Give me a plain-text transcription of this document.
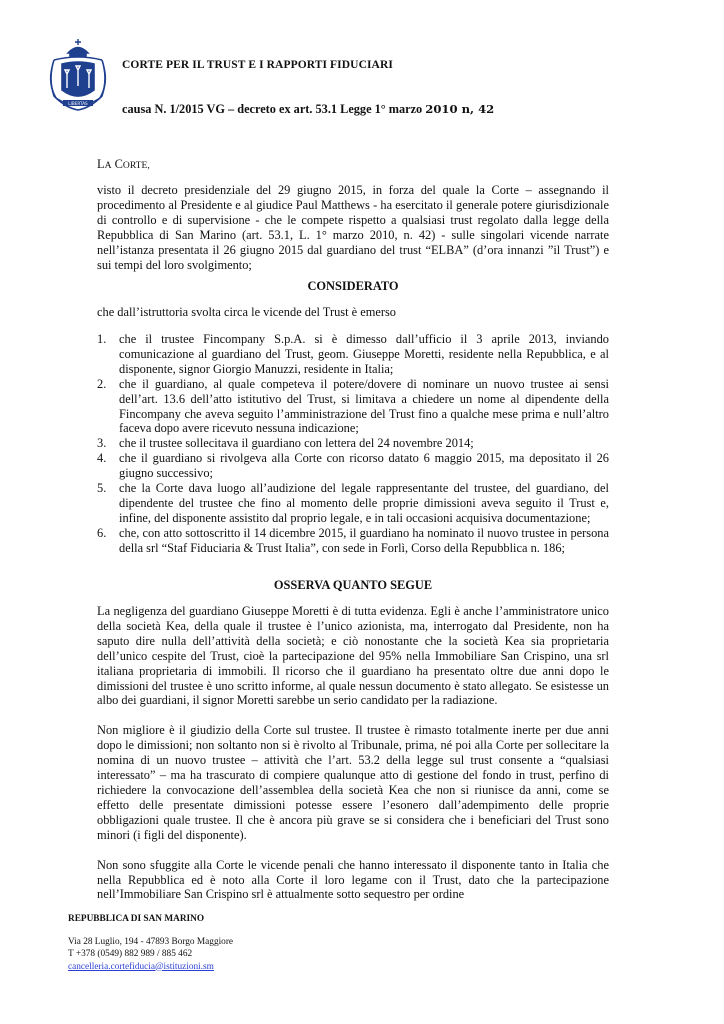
LIBERTAS
CORTE PER IL TRUST E I RAPPORTI FIDUCIARI
causa N. 1/2015 VG – decreto ex art. 53.1 Legge 1° marzo 2010 n, 42
LA CORTE,

visto il decreto presidenziale del 29 giugno 2015, in forza del quale la Corte – assegnando il procedimento al Presidente e al giudice Paul Matthews - ha esercitato il generale potere giurisdizionale di controllo e di supervisione - che le compete rispetto a qualsiasi trust regolato dalla legge della Repubblica di San Marino (art. 53.1, L. 1° marzo 2010, n. 42) - sulle singolari vicende narrate nell’istanza presentata il 26 giugno 2015 dal guardiano del trust “ELBA” (d’ora innanzi ”il Trust”) e sui tempi del loro svolgimento;

CONSIDERATO

che dall’istruttoria svolta circa le vicende del Trust è emerso

1. che il trustee Fincompany S.p.A. si è dimesso dall’ufficio il 3 aprile 2013, inviando comunicazione al guardiano del Trust, geom. Giuseppe Moretti, residente nella Repubblica, e al disponente, signor Giorgio Manuzzi, residente in Italia;
2. che il guardiano, al quale competeva il potere/dovere di nominare un nuovo trustee ai sensi dell’art. 13.6 dell’atto istitutivo del Trust, si limitava a chiedere un nome al dipendente della Fincompany che aveva seguito l’amministrazione del Trust fino a qualche mese prima e null’altro faceva dopo avere ricevuto nessuna indicazione;
3. che il trustee sollecitava il guardiano con lettera del 24 novembre 2014;
4. che il guardiano si rivolgeva alla Corte con ricorso datato 6 maggio 2015, ma depositato il 26 giugno successivo;
5. che la Corte dava luogo all’audizione del legale rappresentante del trustee, del guardiano, del dipendente del trustee che fino al momento delle proprie dimissioni aveva seguito il Trust e, infine, del disponente assistito dal proprio legale, e in tali occasioni acquisiva documentazione;
6. che, con atto sottoscritto il 14 dicembre 2015, il guardiano ha nominato il nuovo trustee in persona della srl “Staf Fiduciaria & Trust Italia”, con sede in Forlì, Corso della Repubblica n. 186;
OSSERVA QUANTO SEGUE

La negligenza del guardiano Giuseppe Moretti è di tutta evidenza. Egli è anche l’amministratore unico della società Kea, della quale il trustee è l’unico azionista, ma, interrogato dal Presidente, non ha saputo dire nulla dell’attività della società; e ciò nonostante che la società Kea sia proprietaria dell’unico cespite del Trust, cioè la partecipazione del 95% nella Immobiliare San Crispino, una srl italiana proprietaria di immobili. Il ricorso che il guardiano ha presentato oltre due anni dopo le dimissioni del trustee è uno scritto informe, al quale nessun documento è stato allegato. Se esistesse un albo dei guardiani, il signor Moretti sarebbe un serio candidato per la radiazione.

Non migliore è il giudizio della Corte sul trustee. Il trustee è rimasto totalmente inerte per due anni dopo le dimissioni; non soltanto non si è rivolto al Tribunale, prima, né poi alla Corte per sollecitare la nomina di un nuovo trustee – attività che l’art. 53.2 della legge sul trust consente a “qualsiasi interessato” – ma ha trascurato di compiere qualunque atto di gestione del fondo in trust, perfino di richiedere la convocazione dell’assemblea della società Kea che non si riunisce da anni, come se effetto delle presentate dimissioni potesse essere l’esonero dall’adempimento delle proprie obbligazioni quale trustee. Il che è ancora più grave se si considera che i beneficiari del Trust sono minori (i figli del disponente).

Non sono sfuggite alla Corte le vicende penali che hanno interessato il disponente tanto in Italia che nella Repubblica ed è noto alla Corte il loro legame con il Trust, dato che la partecipazione nell’Immobiliare San Crispino srl è attualmente sotto sequestro per ordine

REPUBBLICA DI SAN MARINO
Via 28 Luglio, 194 - 47893 Borgo Maggiore
T +378 (0549) 882 989 / 885 462
cancelleria.cortefiducia@istituzioni.sm
